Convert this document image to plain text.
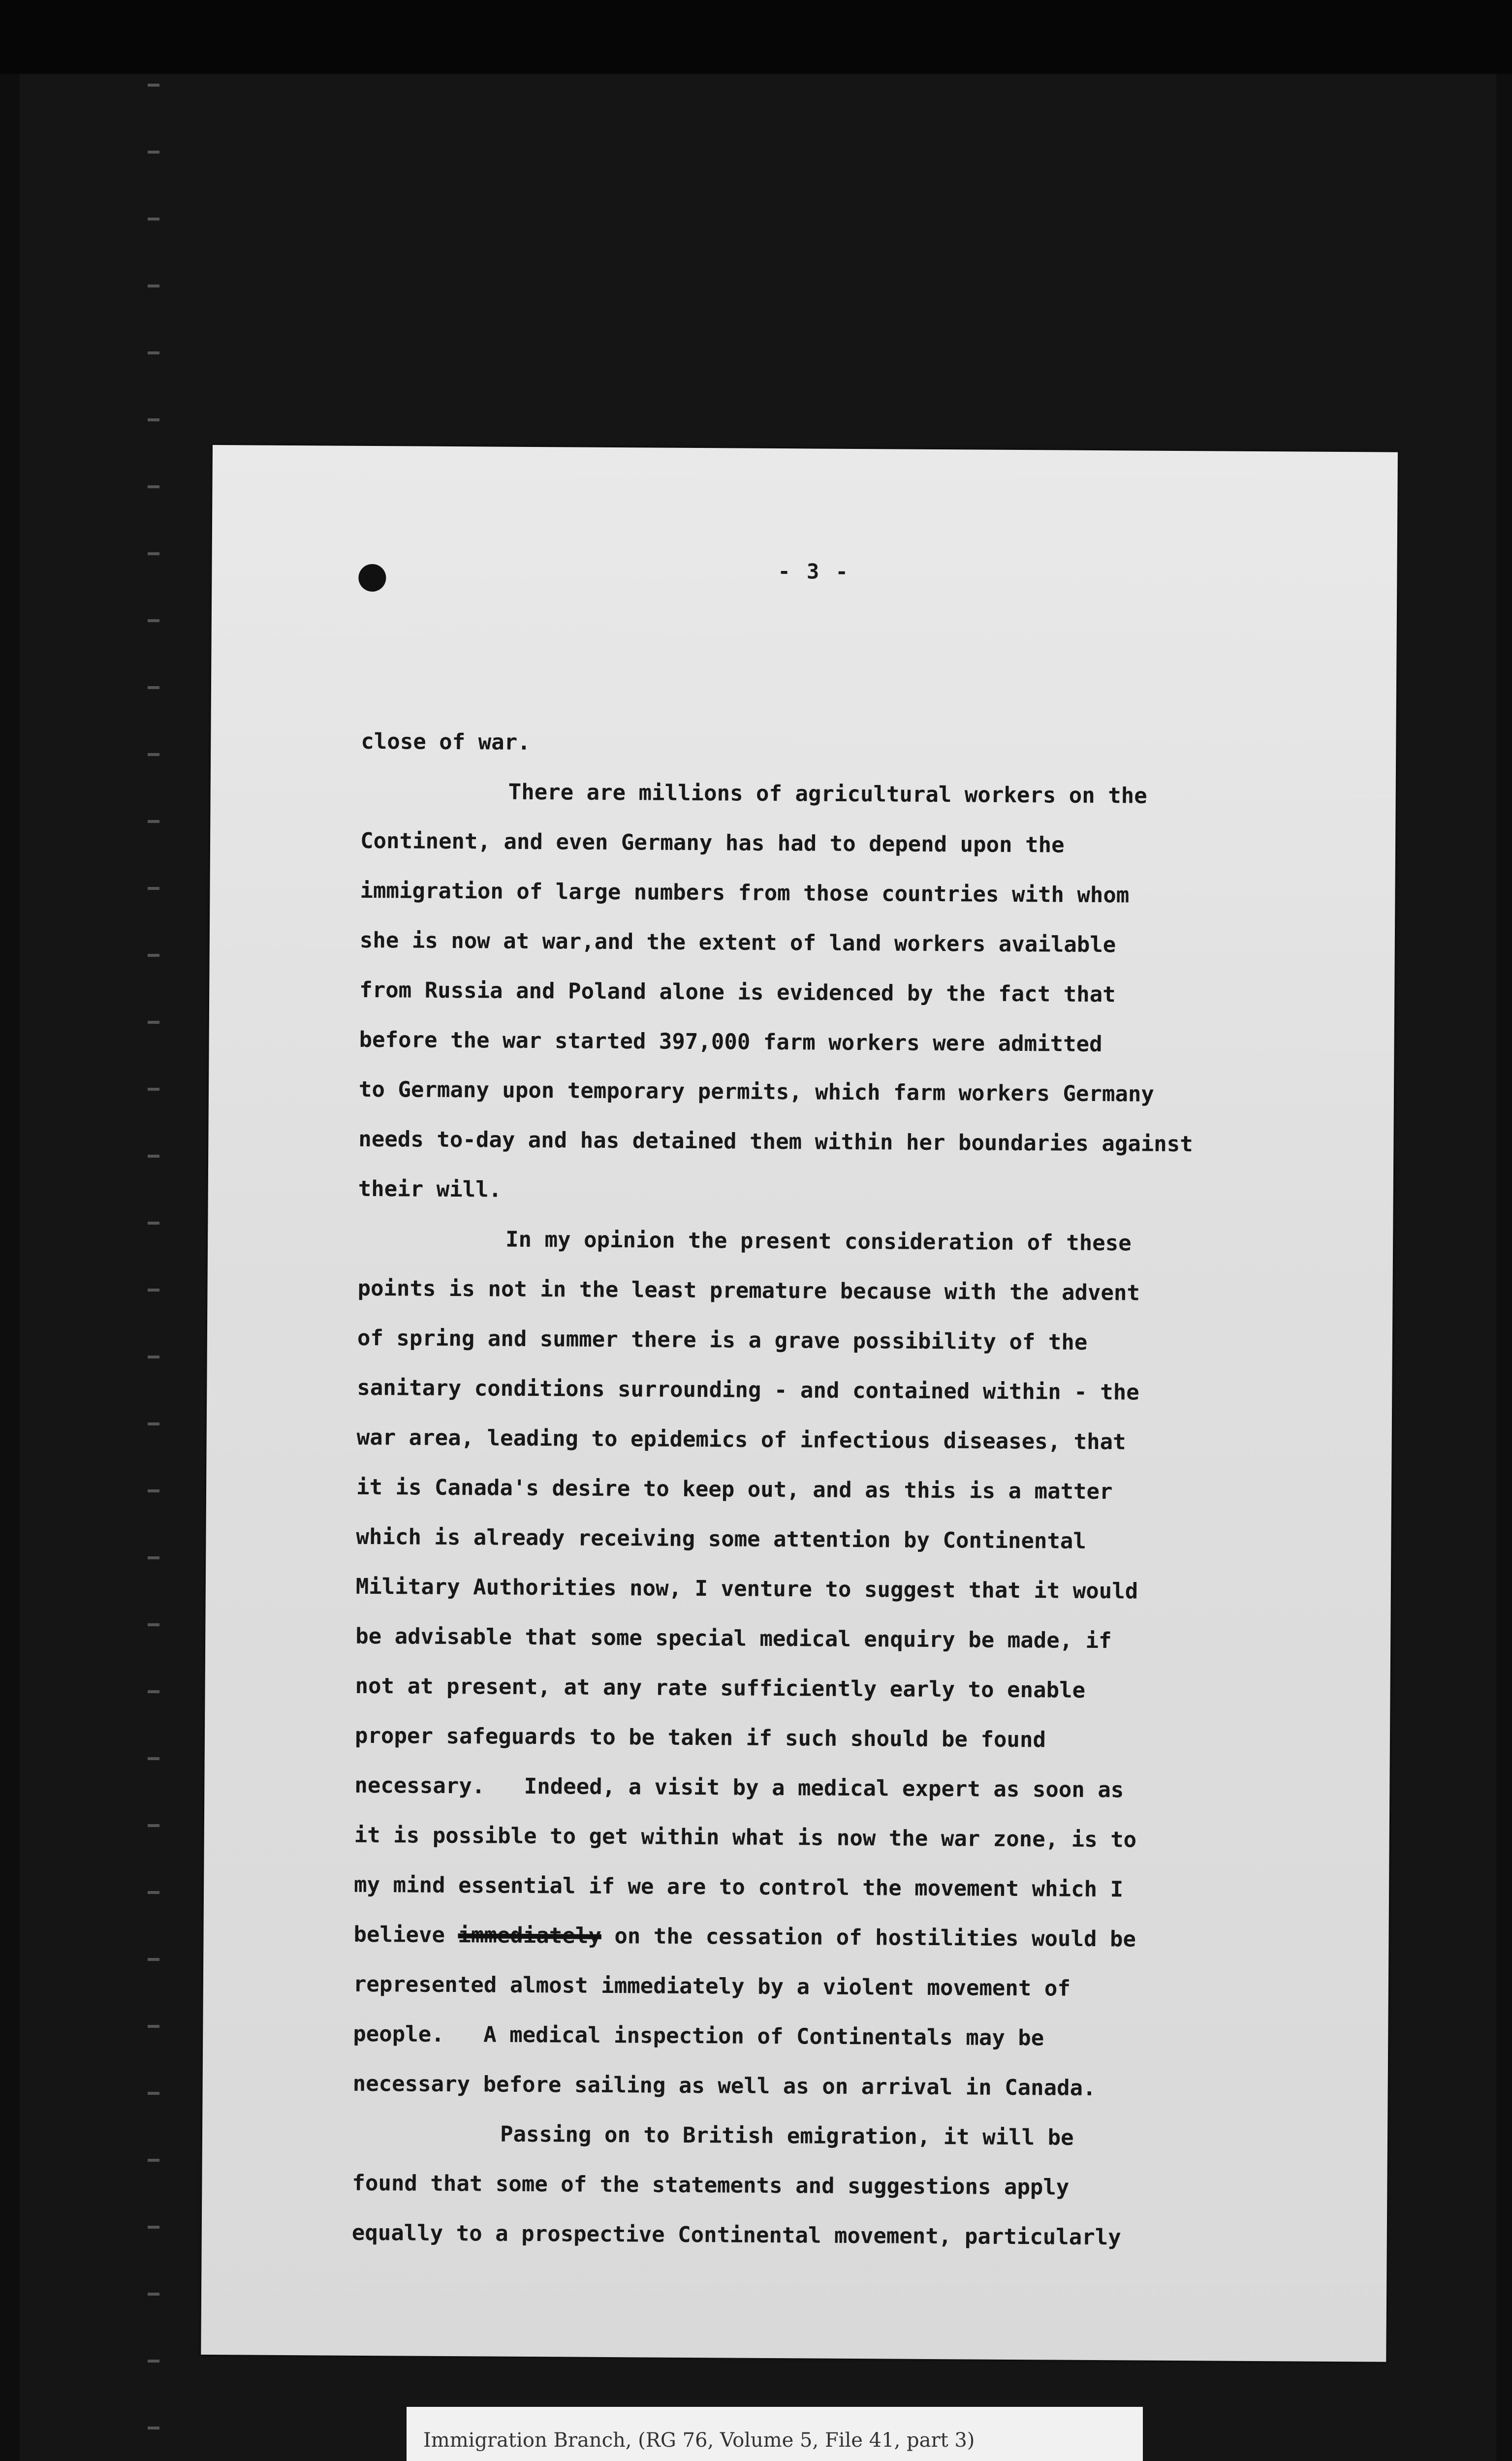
- 3 -
close of war.
There are millions of agricultural workers on the
Continent, and even Germany has had to depend upon the
immigration of large numbers from those countries with whom
she is now at war,and the extent of land workers available
from Russia and Poland alone is evidenced by the fact that
before the war started 397,000 farm workers were admitted
to Germany upon temporary permits, which farm workers Germany
needs to-day and has detained them within her boundaries against
their will.
In my opinion the present consideration of these
points is not in the least premature because with the advent
of spring and summer there is a grave possibility of the
sanitary conditions surrounding - and contained within - the
war area, leading to epidemics of infectious diseases, that
it is Canada's desire to keep out, and as this is a matter
which is already receiving some attention by Continental
Military Authorities now, I venture to suggest that it would
be advisable that some special medical enquiry be made, if
not at present, at any rate sufficiently early to enable
proper safeguards to be taken if such should be found
necessary.   Indeed, a visit by a medical expert as soon as
it is possible to get within what is now the war zone, is to
my mind essential if we are to control the movement which I
believe immediately on the cessation of hostilities would be
represented almost immediately by a violent movement of
people.   A medical inspection of Continentals may be
necessary before sailing as well as on arrival in Canada.
Passing on to British emigration, it will be
found that some of the statements and suggestions apply
equally to a prospective Continental movement, particularly
Immigration Branch, (RG 76, Volume 5, File 41, part 3)
